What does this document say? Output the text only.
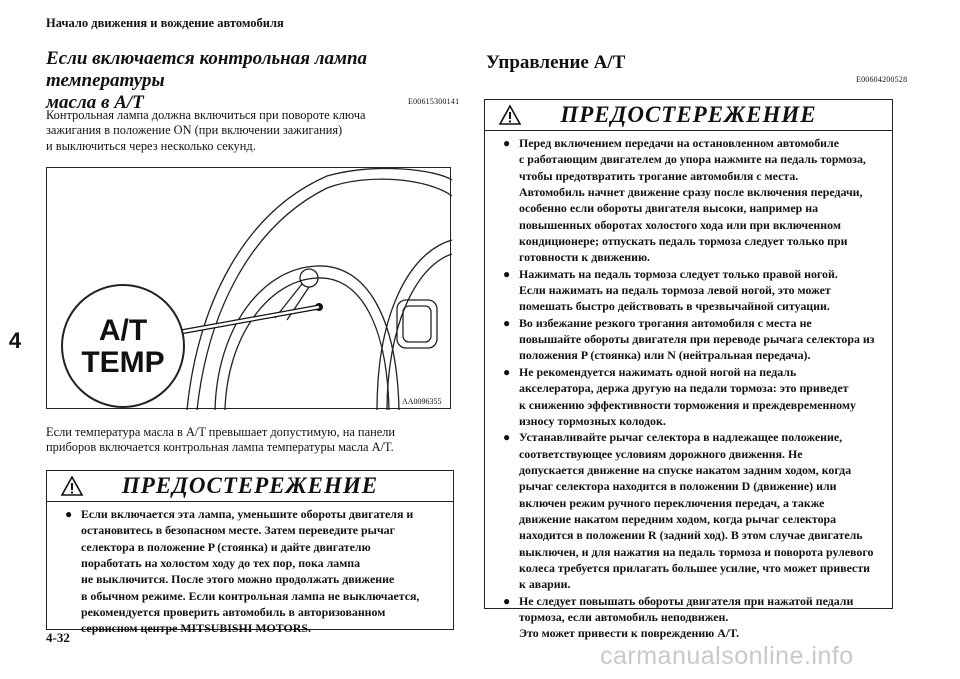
Начало движения и вождение автомобиля
4
Если включается контрольная лампа температуры
масла в A/T	E00615300141
Контрольная лампа должна включиться при повороте ключа
зажигания в положение ON (при включении зажигания)
и выключиться через несколько секунд.
A/T
TEMP
AA0096355
Если температура масла в A/T превышает допустимую, на панели
приборов включается контрольная лампа температуры масла A/T.
ПРЕДОСТЕРЕЖЕНИЕ
● Если включается эта лампа, уменьшите обороты двигателя и
остановитесь в безопасном месте. Затем переведите рычаг
селектора в положение P (стоянка) и дайте двигателю
поработать на холостом ходу до тех пор, пока лампа
не выключится. После этого можно продолжать движение
в обычном режиме. Если контрольная лампа не выключается,
рекомендуется проверить автомобиль в авторизованном
сервисном центре MITSUBISHI MOTORS.
Управление A/T
E00604200528
ПРЕДОСТЕРЕЖЕНИЕ
● Перед включением передачи на остановленном автомобиле
с работающим двигателем до упора нажмите на педаль тормоза,
чтобы предотвратить трогание автомобиля с места.
Автомобиль начнет движение сразу после включения передачи,
особенно если обороты двигателя высоки, например на
повышенных оборотах холостого хода или при включенном
кондиционере; отпускать педаль тормоза следует только при
готовности к движению.
● Нажимать на педаль тормоза следует только правой ногой.
Если нажимать на педаль тормоза левой ногой, это может
помешать быстро действовать в чрезвычайной ситуации.
● Во избежание резкого трогания автомобиля с места не
повышайте обороты двигателя при переводе рычага селектора из
положения P (стоянка) или N (нейтральная передача).
● Не рекомендуется нажимать одной ногой на педаль
акселератора, держа другую на педали тормоза: это приведет
к снижению эффективности торможения и преждевременному
износу тормозных колодок.
● Устанавливайте рычаг селектора в надлежащее положение,
соответствующее условиям дорожного движения. Не
допускается движение на спуске накатом задним ходом, когда
рычаг селектора находится в положении D (движение) или
включен режим ручного переключения передач, а также
движение накатом передним ходом, когда рычаг селектора
находится в положении R (задний ход). В этом случае двигатель
выключен, и для нажатия на педаль тормоза и поворота рулевого
колеса требуется прилагать большее усилие, что может привести
к аварии.
● Не следует повышать обороты двигателя при нажатой педали
тормоза, если автомобиль неподвижен.
Это может привести к повреждению A/T.
4-32
carmanualsonline.info
